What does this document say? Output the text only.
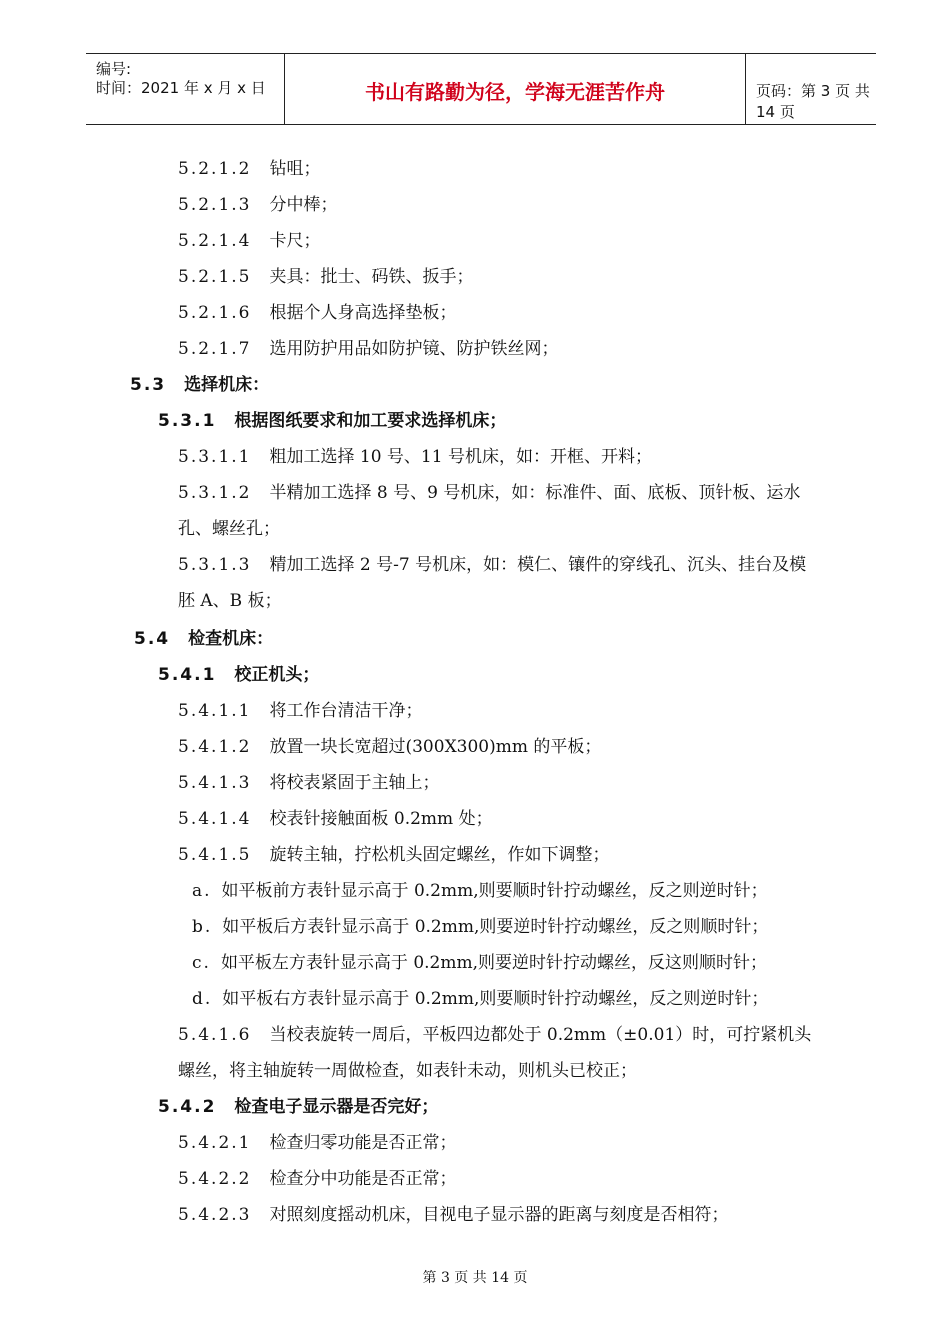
编号:
时间：2021 年 x 月 x 日	书山有路勤为径，学海无涯苦作舟	页码：第 3 页 共 14 页
5.2.1.2 钻咀；
5.2.1.3 分中棒；
5.2.1.4 卡尺；
5.2.1.5 夹具：批士、码铁、扳手；
5.2.1.6 根据个人身高选择垫板；
5.2.1.7 选用防护用品如防护镜、防护铁丝网；
5.3 选择机床：
5.3.1 根据图纸要求和加工要求选择机床；
5.3.1.1 粗加工选择 10 号、11 号机床，如：开框、开料；
5.3.1.2 半精加工选择 8 号、9 号机床，如：标准件、面、底板、顶针板、运水
孔、螺丝孔；
5.3.1.3 精加工选择 2 号-7 号机床，如：模仁、镶件的穿线孔、沉头、挂台及模
胚 A、B 板；
5.4 检查机床：
5.4.1 校正机头；
5.4.1.1 将工作台清洁干净；
5.4.1.2 放置一块长宽超过(300X300)mm 的平板；
5.4.1.3 将校表紧固于主轴上；
5.4.1.4 校表针接触面板 0.2mm 处；
5.4.1.5 旋转主轴，拧松机头固定螺丝，作如下调整；
a. 如平板前方表针显示高于 0.2mm,则要顺时针拧动螺丝，反之则逆时针；
b. 如平板后方表针显示高于 0.2mm,则要逆时针拧动螺丝，反之则顺时针；
c. 如平板左方表针显示高于 0.2mm,则要逆时针拧动螺丝，反这则顺时针；
d. 如平板右方表针显示高于 0.2mm,则要顺时针拧动螺丝，反之则逆时针；
5.4.1.6 当校表旋转一周后，平板四边都处于 0.2mm（±0.01）时，可拧紧机头
螺丝，将主轴旋转一周做检查，如表针未动，则机头已校正；
5.4.2 检查电子显示器是否完好；
5.4.2.1 检查归零功能是否正常；
5.4.2.2 检查分中功能是否正常；
5.4.2.3 对照刻度摇动机床，目视电子显示器的距离与刻度是否相符；
第 3 页 共 14 页
